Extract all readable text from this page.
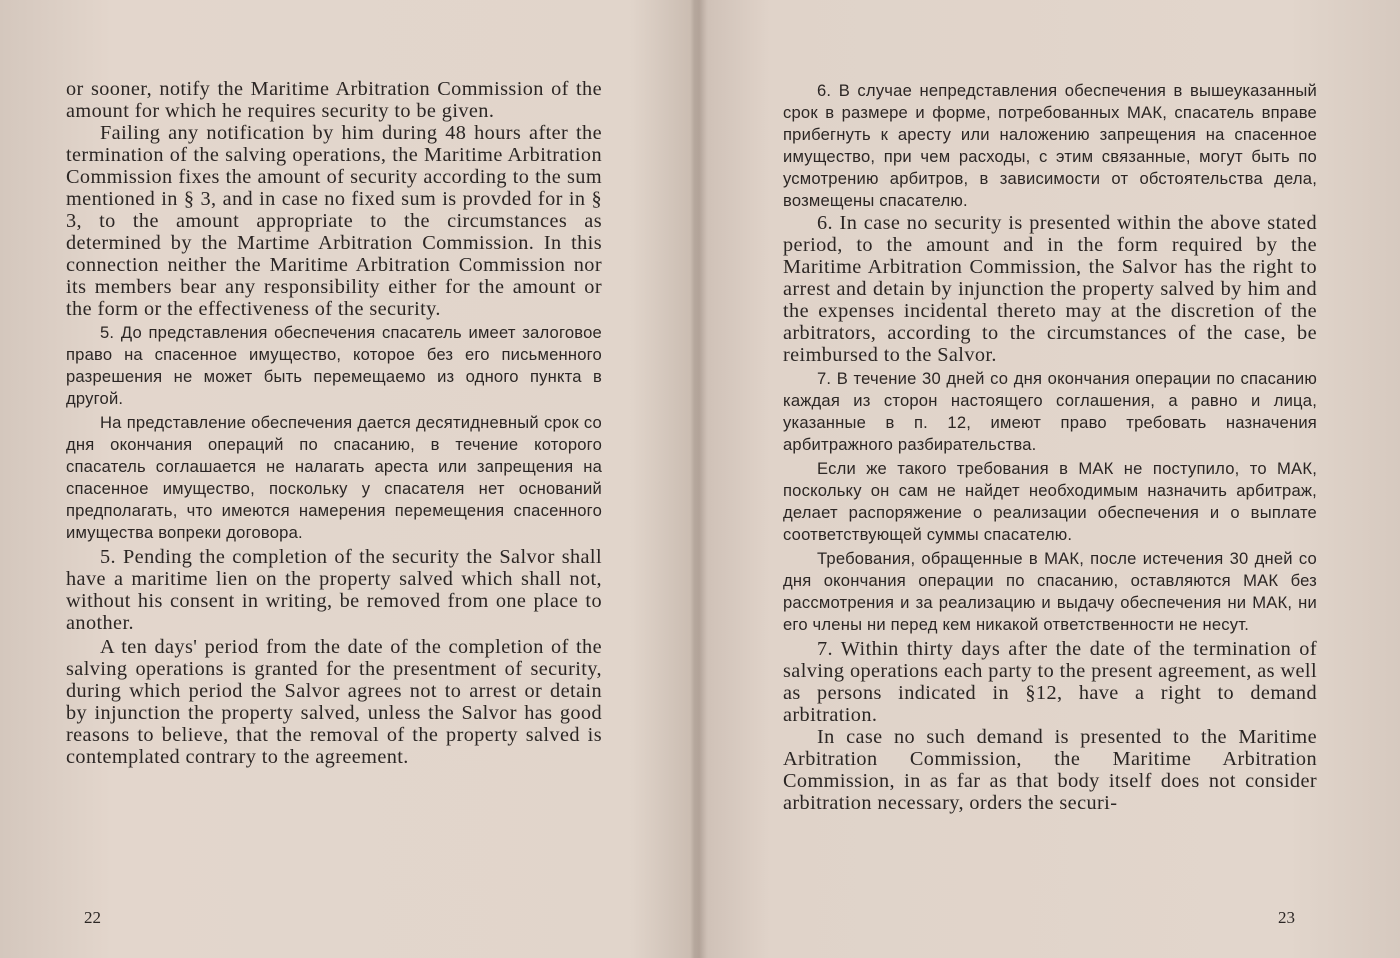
or sooner, notify the Maritime Arbitration Commission of the amount for which he requires security to be given.

Failing any notification by him during 48 hours after the termination of the salving operations, the Maritime Arbitration Commission fixes the amount of security according to the sum mentioned in § 3, and in case no fixed sum is provded for in § 3, to the amount appropriate to the circumstances as determined by the Martime Arbitration Commission. In this connection neither the Maritime Arbitration Commission nor its members bear any responsibility either for the amount or the form or the effectiveness of the security.

5. До представления обеспечения спасатель имеет залоговое право на спасенное имущество, которое без его письменного разрешения не может быть перемещаемо из одного пункта в другой.

На представление обеспечения дается десятидневный срок со дня окончания операций по спасанию, в течение которого спасатель соглашается не налагать ареста или запрещения на спасенное имущество, поскольку у спасателя нет оснований предполагать, что имеются намерения перемещения спасенного имущества вопреки договора.

5. Pending the completion of the security the Salvor shall have a maritime lien on the property salved which shall not, without his consent in writing, be removed from one place to another.

A ten days' period from the date of the completion of the salving operations is granted for the presentment of security, during which period the Salvor agrees not to arrest or detain by injunction the property salved, unless the Salvor has good reasons to believe, that the removal of the property salved is contemplated contrary to the agreement.

22

6. В случае непредставления обеспечения в вышеуказанный срок в размере и форме, потребованных МАК, спасатель вправе прибегнуть к аресту или наложению запрещения на спасенное имущество, при чем расходы, с этим связанные, могут быть по усмотрению арбитров, в зависимости от обстоятельства дела, возмещены спасателю.

6. In case no security is presented within the above stated period, to the amount and in the form required by the Maritime Arbitration Commission, the Salvor has the right to arrest and detain by injunction the property salved by him and the expenses incidental thereto may at the discretion of the arbitrators, according to the circumstances of the case, be reimbursed to the Salvor.

7. В течение 30 дней со дня окончания операции по спасанию каждая из сторон настоящего соглашения, а равно и лица, указанные в п. 12, имеют право требовать назначения арбитражного разбирательства.

Если же такого требования в МАК не поступило, то МАК, поскольку он сам не найдет необходимым назначить арбитраж, делает распоряжение о реализации обеспечения и о выплате соответствующей суммы спасателю.

Требования, обращенные в МАК, после истечения 30 дней со дня окончания операции по спасанию, оставляются МАК без рассмотрения и за реализацию и выдачу обеспечения ни МАК, ни его члены ни перед кем никакой ответственности не несут.

7. Within thirty days after the date of the termination of salving operations each party to the present agreement, as well as persons indicated in §12, have a right to demand arbitration.

In case no such demand is presented to the Maritime Arbitration Commission, the Maritime Arbitration Commission, in as far as that body itself does not consider arbitration necessary, orders the securi-

23
